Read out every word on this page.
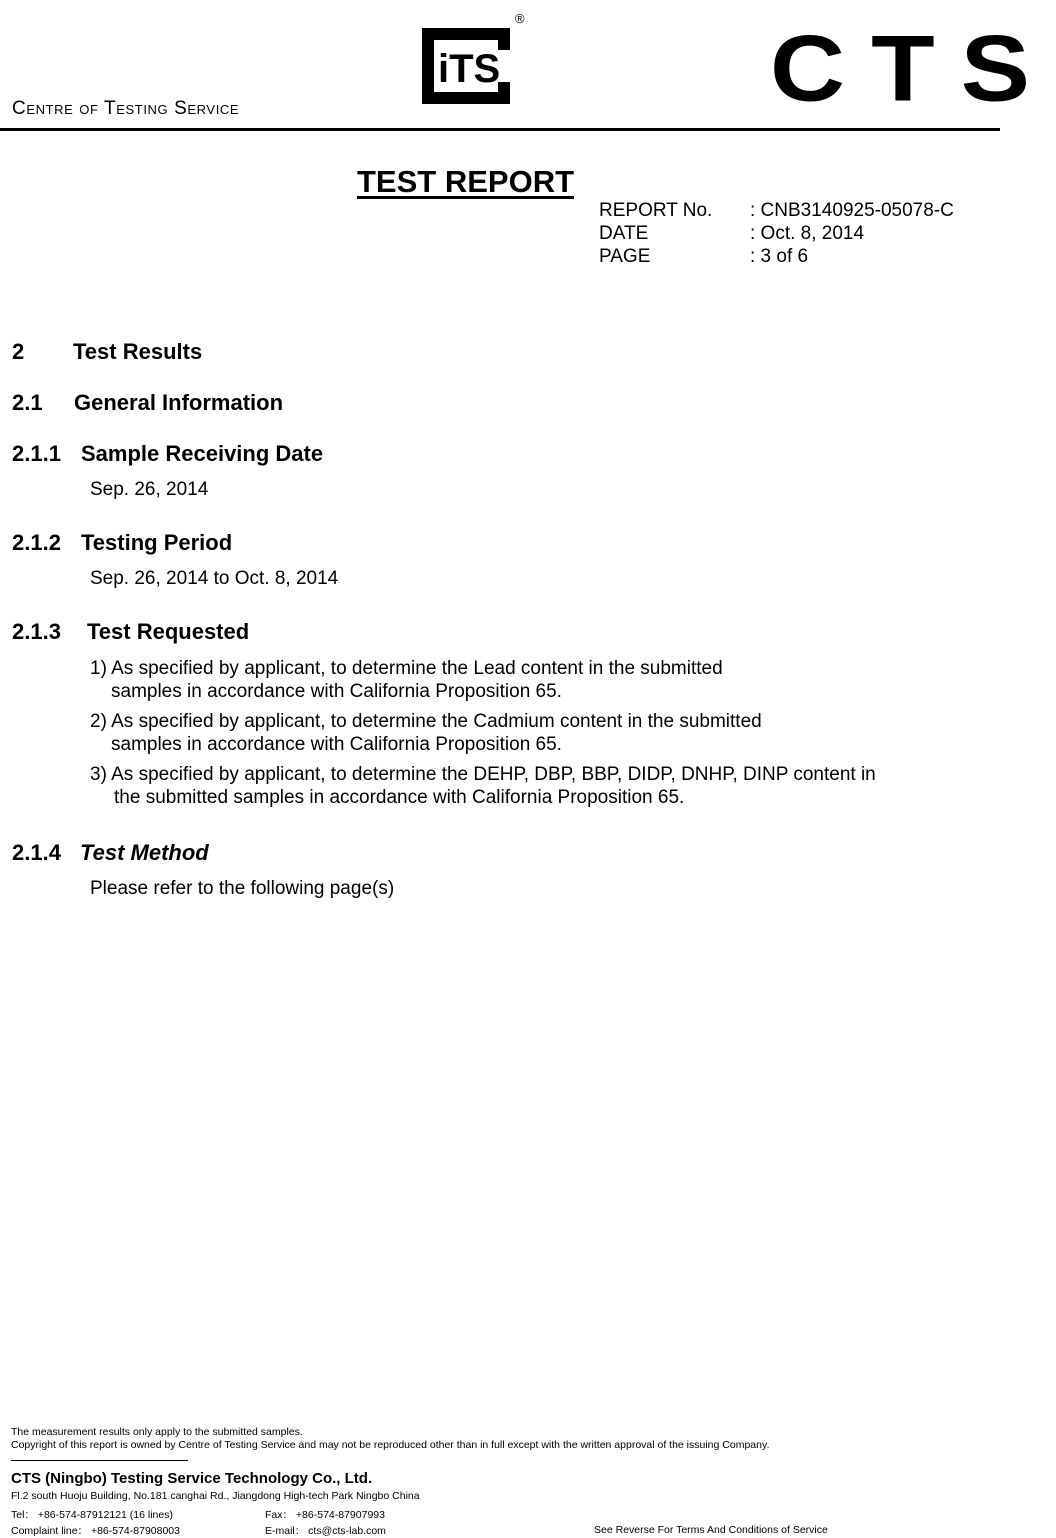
Centre of Testing Service
iTS
® CTS
TEST REPORT
REPORT No. : CNB3140925-05078-C
DATE	: Oct. 8, 2014
PAGE	: 3 of 6
2 Test Results
2.1 General Information
2.1.1 Sample Receiving Date
Sep. 26, 2014
2.1.2 Testing Period
Sep. 26, 2014 to Oct. 8, 2014
2.1.3 Test Requested
1) As specified by applicant, to determine the Lead content in the submitted
samples in accordance with California Proposition 65.
2) As specified by applicant, to determine the Cadmium content in the submitted
samples in accordance with California Proposition 65.
3) As specified by applicant, to determine the DEHP, DBP, BBP, DIDP, DNHP, DINP content in
the submitted samples in accordance with California Proposition 65.
2.1.4 Test Method
Please refer to the following page(s)
The measurement results only apply to the submitted samples.
Copyright of this report is owned by Centre of Testing Service and may not be reproduced other than in full except with the written approval of the issuing Company.
CTS (Ningbo) Testing Service Technology Co., Ltd.
Fl.2 south Huoju Building, No.181 canghai Rd., Jiangdong High-tech Park Ningbo China
Tel： +86-574-87912121 (16 lines)	Fax： +86-574-87907993
Complaint line： +86-574-87908003	E-mail： cts@cts-lab.com	See Reverse For Terms And Conditions of Service
